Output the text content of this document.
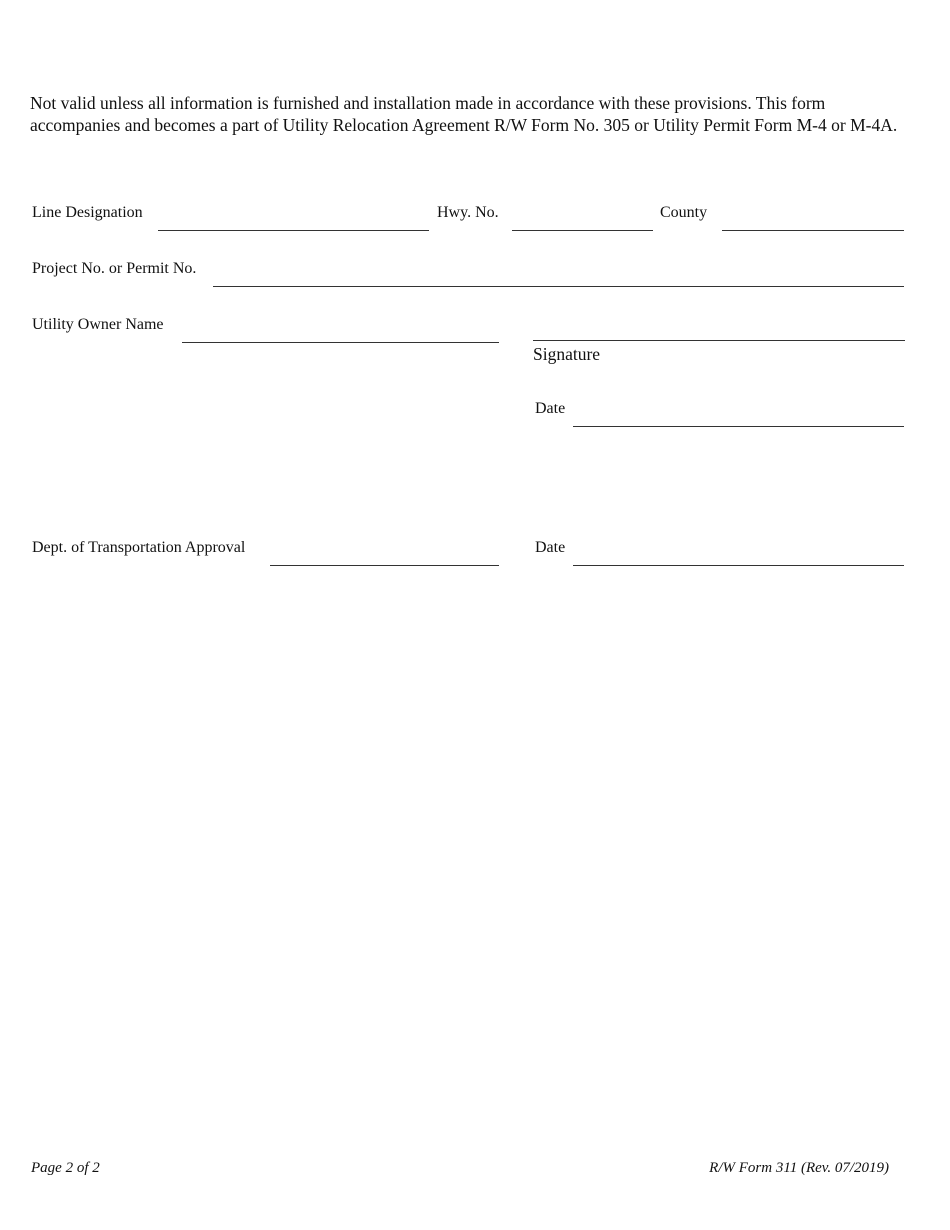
Not valid unless all information is furnished and installation made in accordance with these provisions. This form accompanies and becomes a part of Utility Relocation Agreement R/W Form No. 305 or Utility Permit Form M-4 or M-4A.

Line Designation	Hwy. No.	County
Project No. or Permit No.
Utility Owner Name
Signature
Date
Dept. of Transportation Approval	Date
Page 2 of 2	R/W Form 311 (Rev. 07/2019)
